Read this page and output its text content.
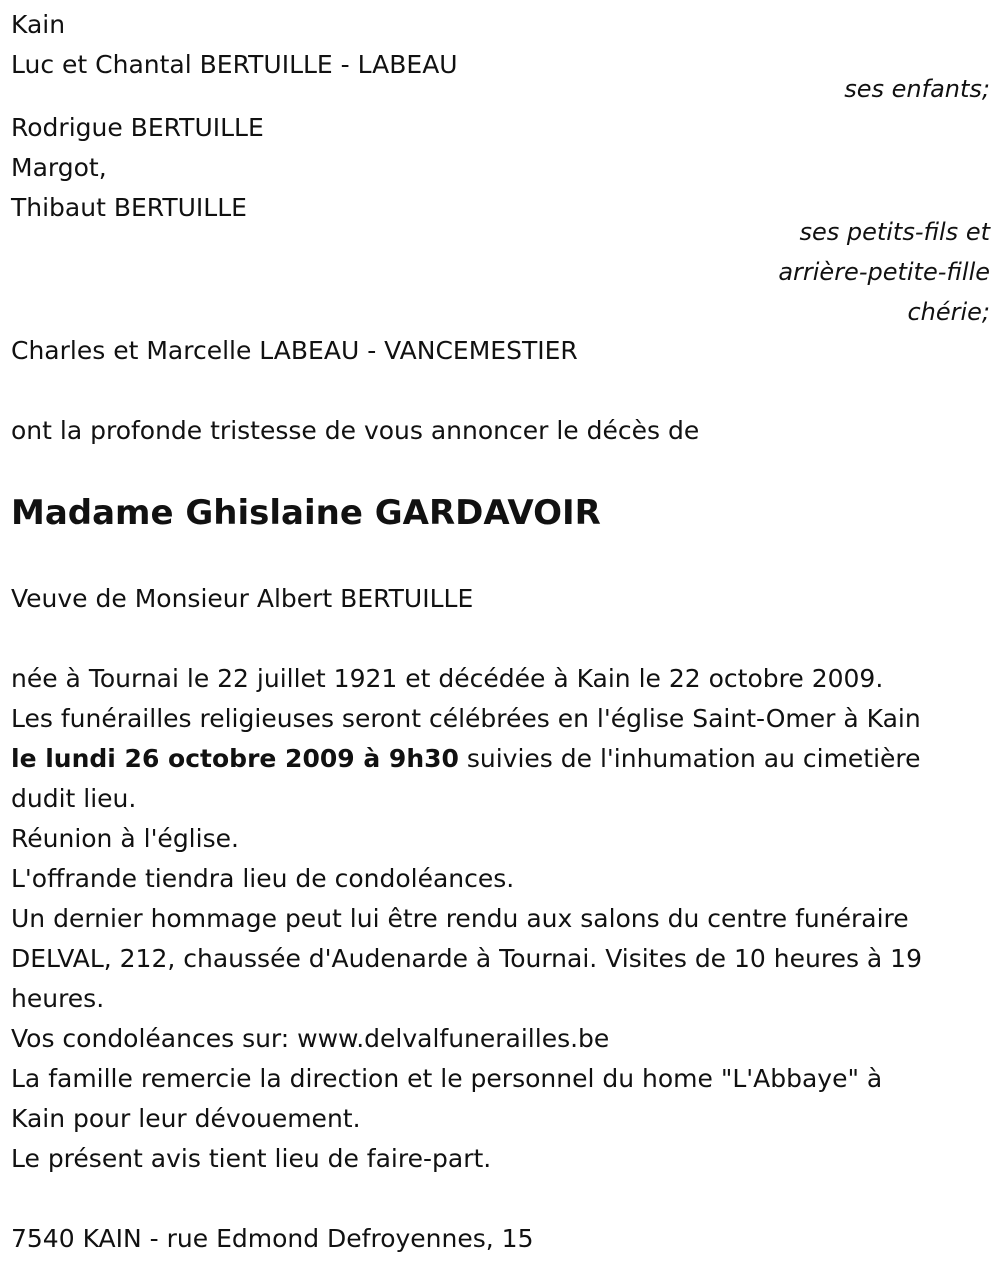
Kain
Luc et Chantal BERTUILLE - LABEAU
ses enfants;
Rodrigue BERTUILLE
Margot,
Thibaut BERTUILLE
ses petits-fils et
arrière-petite-fille
chérie;
Charles et Marcelle LABEAU - VANCEMESTIER
ont la profonde tristesse de vous annoncer le décès de
Madame Ghislaine GARDAVOIR
Veuve de Monsieur Albert BERTUILLE
née à Tournai le 22 juillet 1921 et décédée à Kain le 22 octobre 2009.
Les funérailles religieuses seront célébrées en l'église Saint-Omer à Kain
le lundi 26 octobre 2009 à 9h30 suivies de l'inhumation au cimetière
dudit lieu.
Réunion à l'église.
L'offrande tiendra lieu de condoléances.
Un dernier hommage peut lui être rendu aux salons du centre funéraire
DELVAL, 212, chaussée d'Audenarde à Tournai. Visites de 10 heures à 19
heures.
Vos condoléances sur: www.delvalfunerailles.be
La famille remercie la direction et le personnel du home "L'Abbaye" à
Kain pour leur dévouement.
Le présent avis tient lieu de faire-part.
7540 KAIN - rue Edmond Defroyennes, 15
